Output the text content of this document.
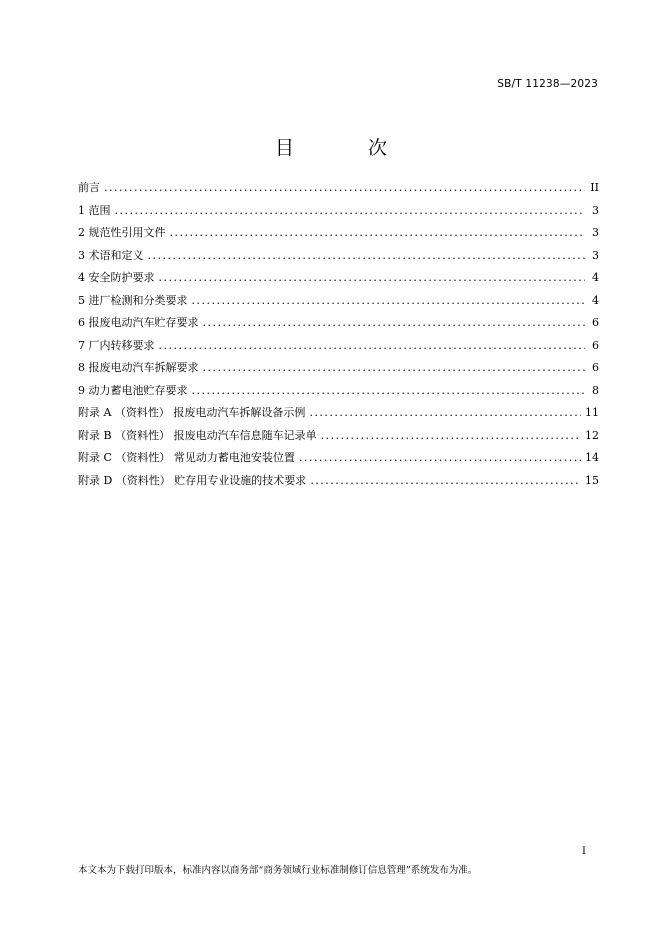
SB/T 11238—2023
目 次
前言 .....	II
1 范围 .....	3
2 规范性引用文件 .....	3
3 术语和定义 .....	3
4 安全防护要求 .....	4
5 进厂检测和分类要求 .....	4
6 报废电动汽车贮存要求 .....	6
7 厂内转移要求 .....	6
8 报废电动汽车拆解要求 .....	6
9 动力蓄电池贮存要求 .....	8
附录 A （资料性） 报废电动汽车拆解设备示例 .....	11
附录 B （资料性） 报废电动汽车信息随车记录单 .....	12
附录 C （资料性） 常见动力蓄电池安装位置 .....	14
附录 D （资料性） 贮存用专业设施的技术要求 .....	15
I
本文本为下载打印版本，标准内容以商务部“商务领域行业标准制修订信息管理”系统发布为准。
